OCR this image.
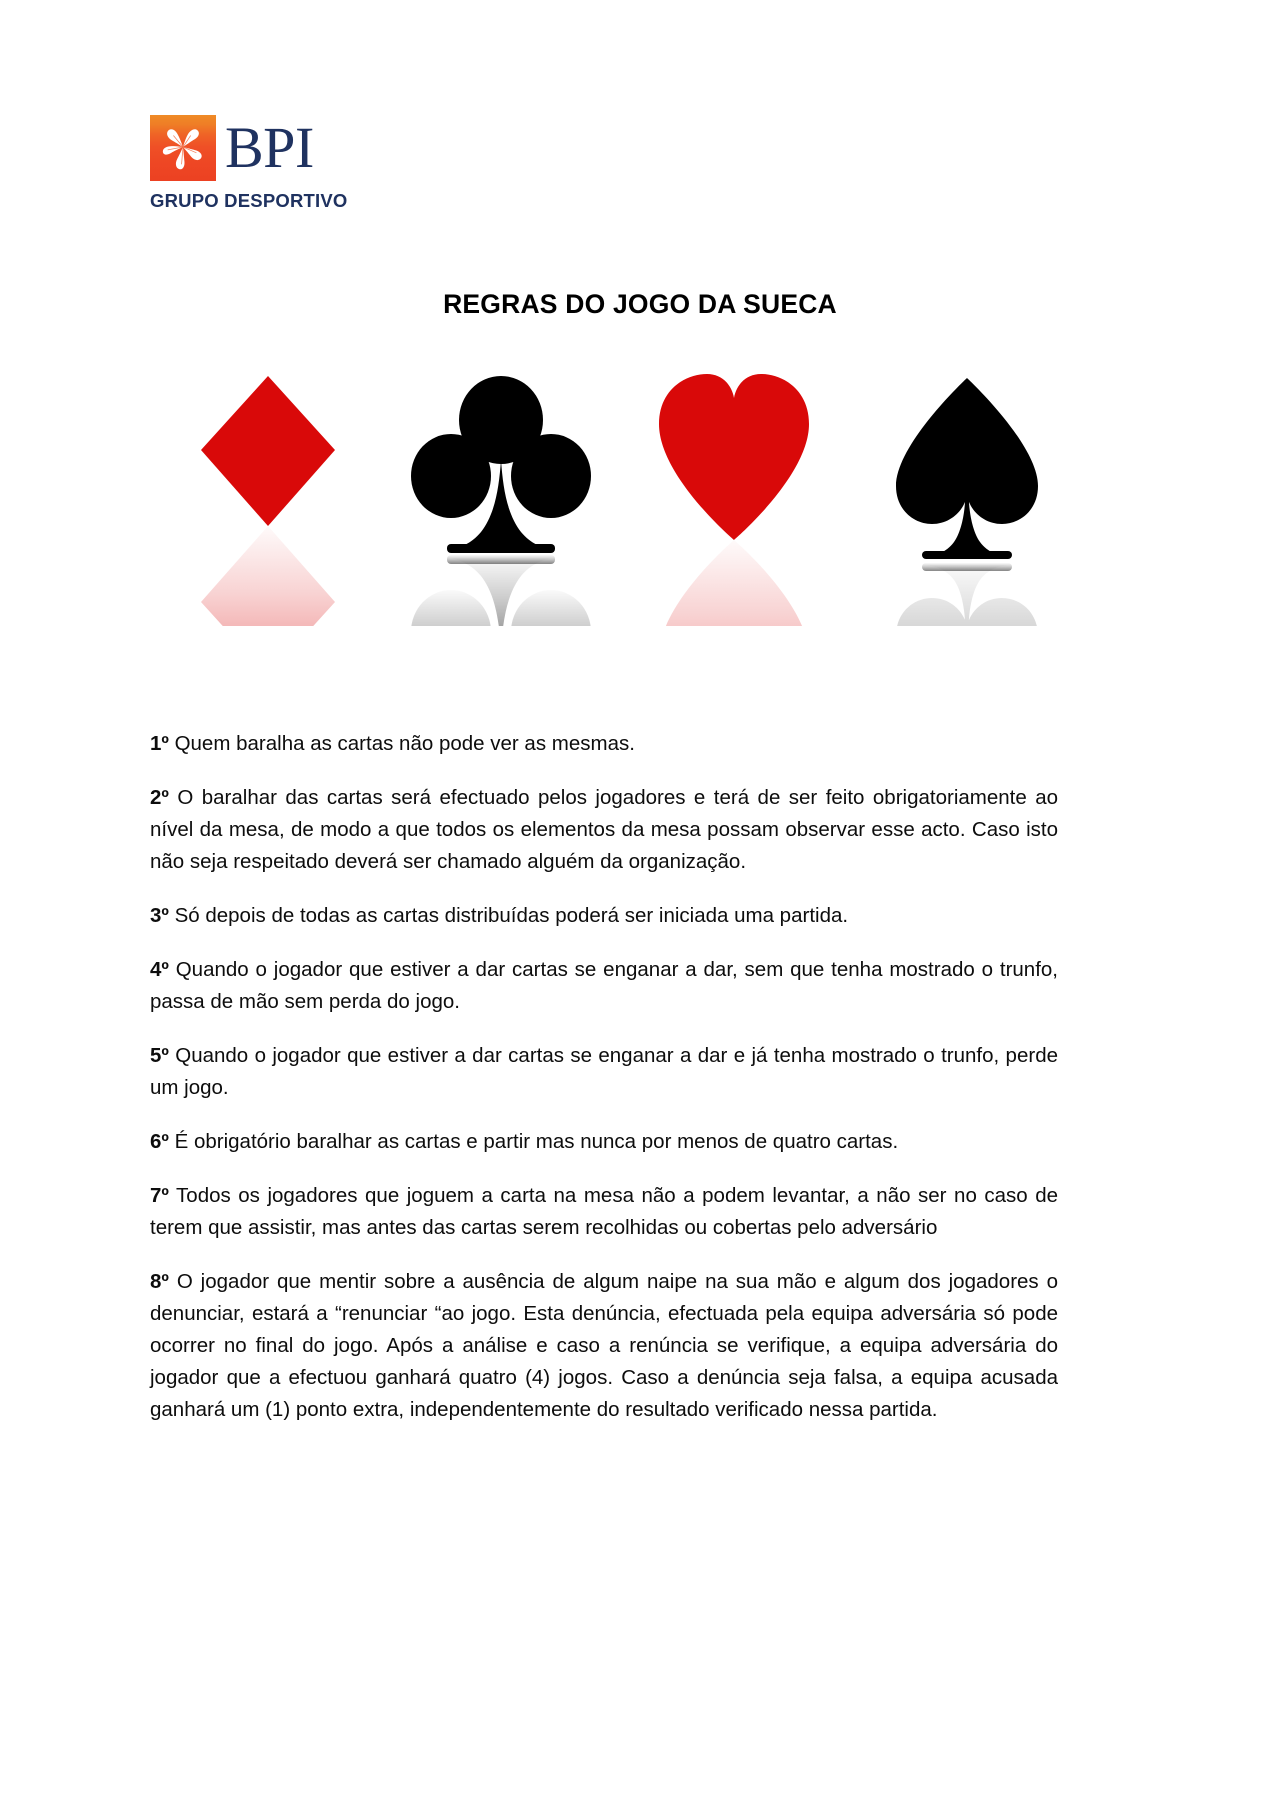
BPI
GRUPO DESPORTIVO
REGRAS DO JOGO DA SUECA

1º Quem baralha as cartas não pode ver as mesmas.

2º O baralhar das cartas será efectuado pelos jogadores e terá de ser feito obrigatoriamente ao nível da mesa, de modo a que todos os elementos da mesa possam observar esse acto. Caso isto não seja respeitado deverá ser chamado alguém da organização.

3º Só depois de todas as cartas distribuídas poderá ser iniciada uma partida.

4º Quando o jogador que estiver a dar cartas se enganar a dar, sem que tenha mostrado o trunfo, passa de mão sem perda do jogo.

5º Quando o jogador que estiver a dar cartas se enganar a dar e já tenha mostrado o trunfo, perde um jogo.

6º É obrigatório baralhar as cartas e partir mas nunca por menos de quatro cartas.

7º Todos os jogadores que joguem a carta na mesa não a podem levantar, a não ser no caso de terem que assistir, mas antes das cartas serem recolhidas ou cobertas pelo adversário

8º O jogador que mentir sobre a ausência de algum naipe na sua mão e algum dos jogadores o denunciar, estará a “renunciar “ao jogo. Esta denúncia, efectuada pela equipa adversária só pode ocorrer no final do jogo. Após a análise e caso a renúncia se verifique, a equipa adversária do jogador que a efectuou ganhará quatro (4) jogos. Caso a denúncia seja falsa, a equipa acusada ganhará um (1) ponto extra, independentemente do resultado verificado nessa partida.
